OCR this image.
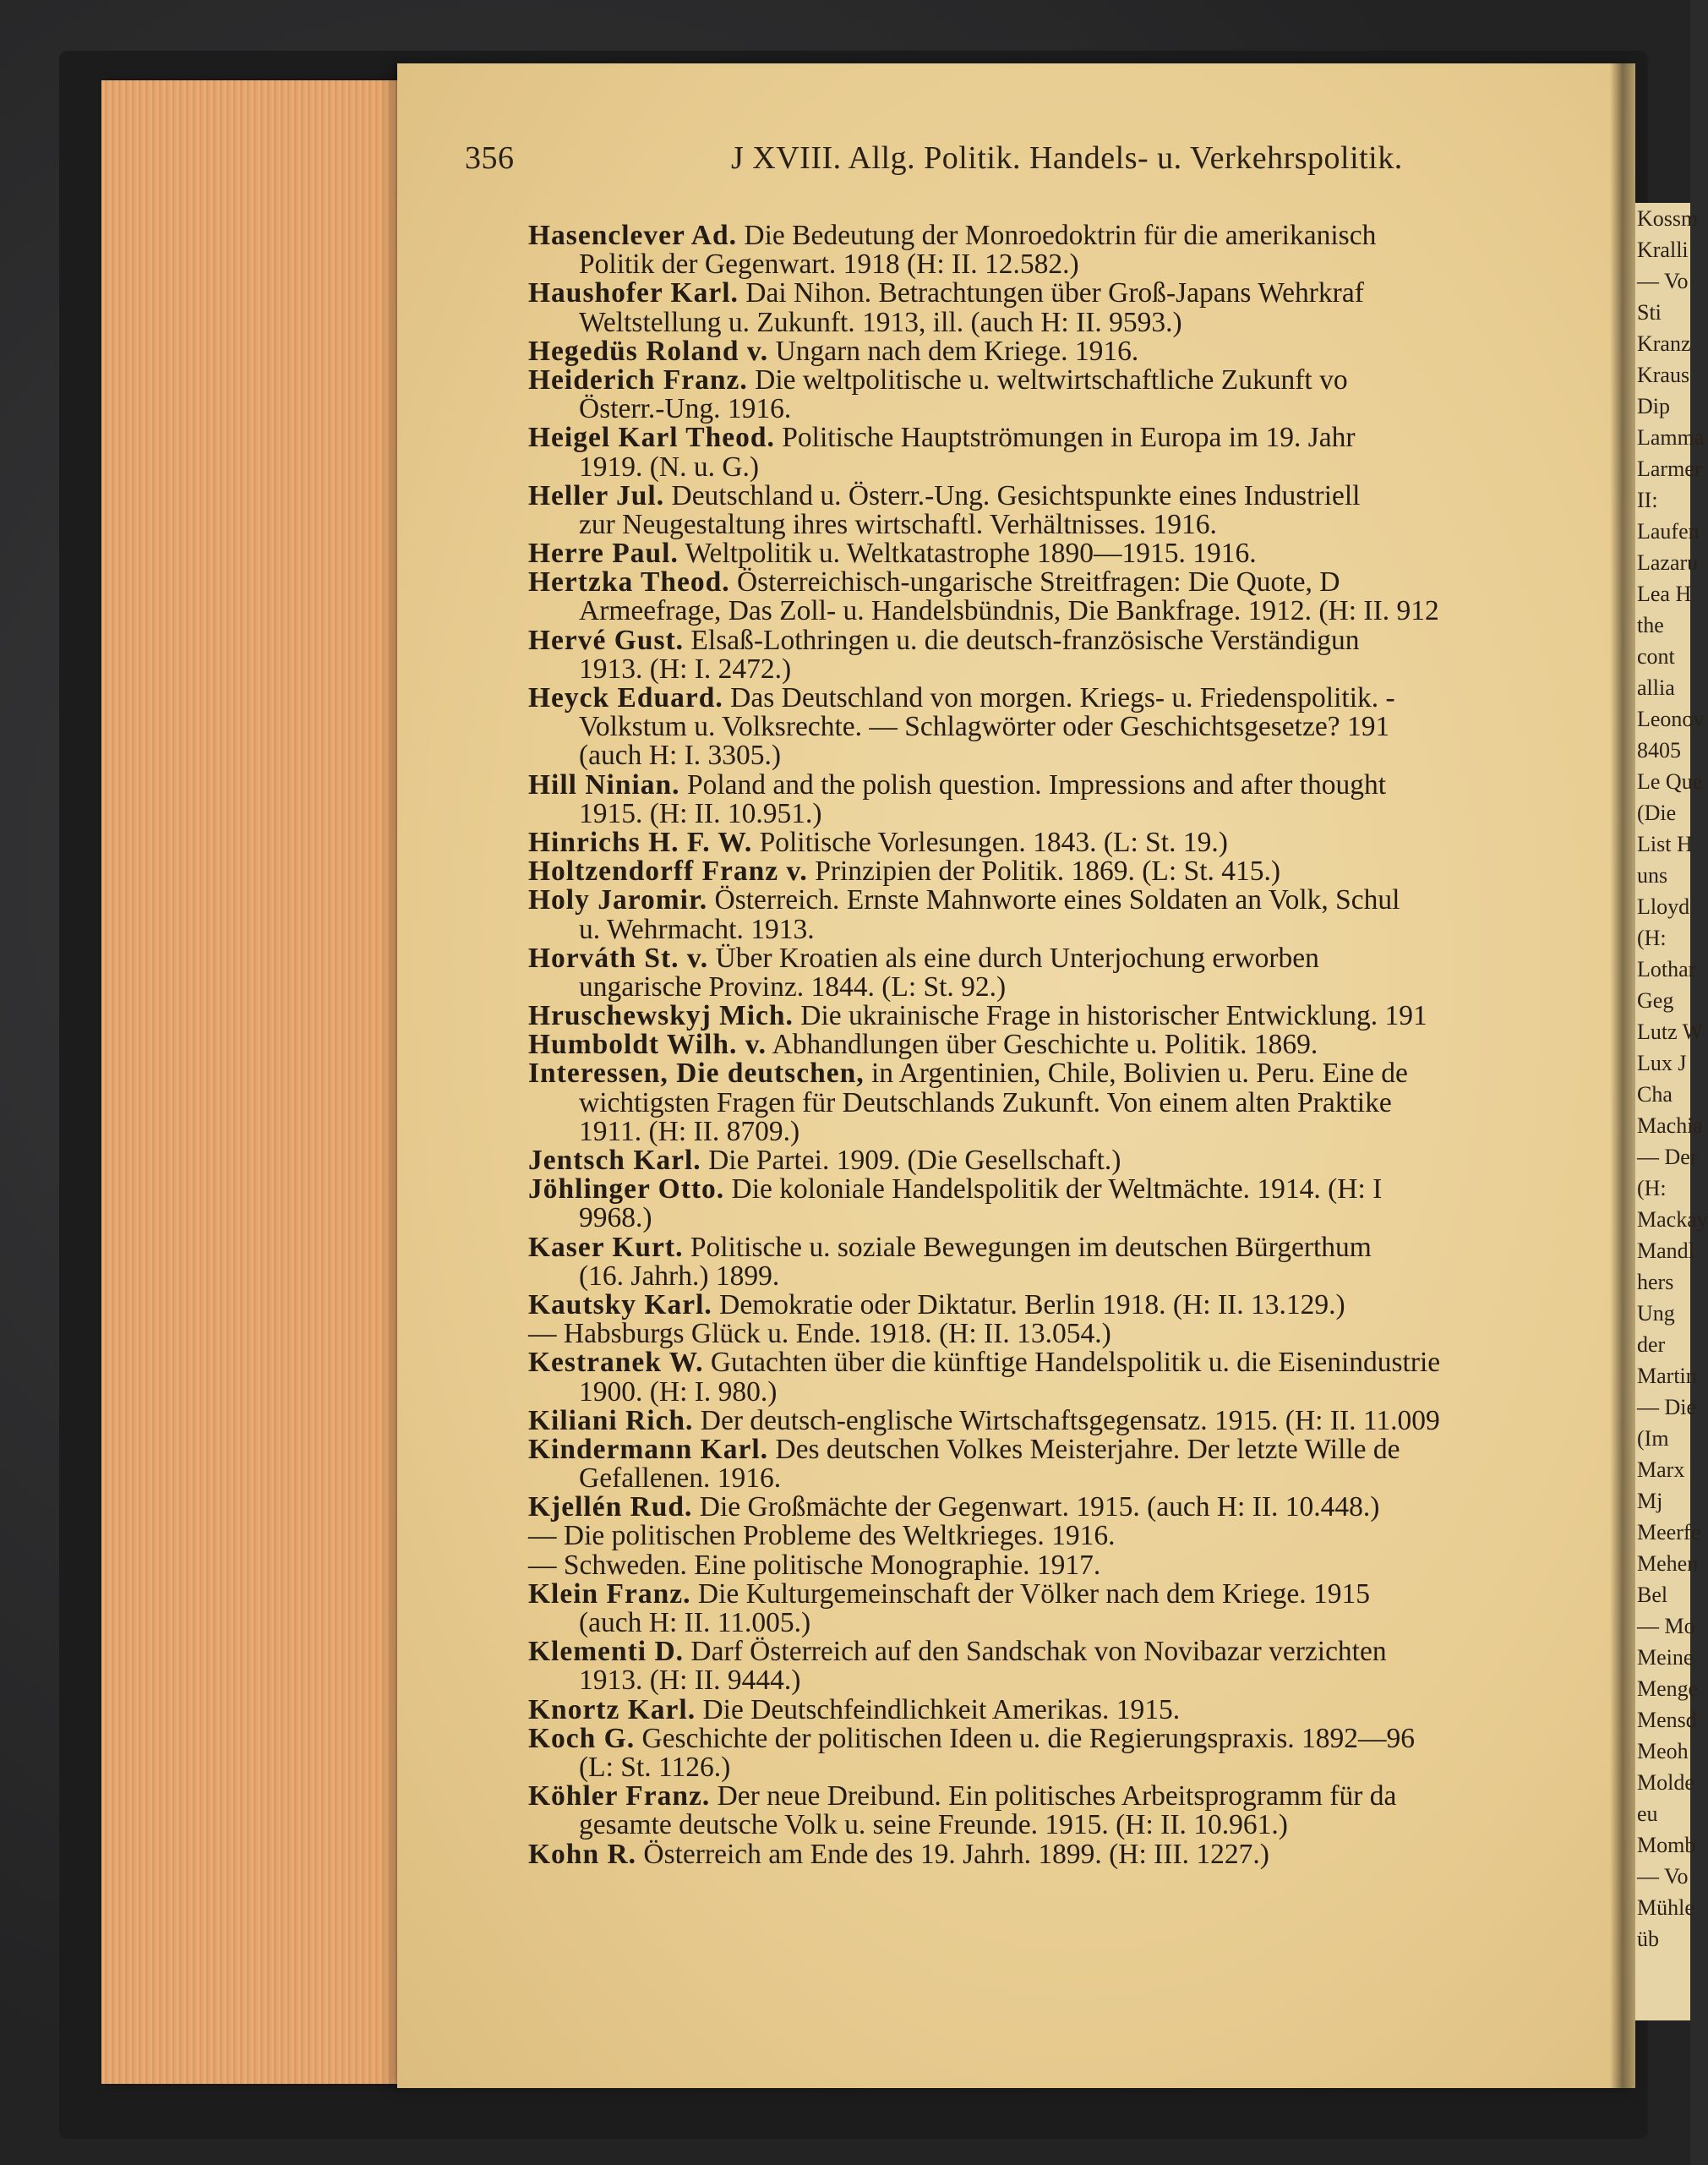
356	J XVIII. Allg. Politik. Handels- u. Verkehrspolitik.
Hasenclever Ad. Die Bedeutung der Monroedoktrin für die amerikanisch
Politik der Gegenwart. 1918 (H: II. 12.582.)
Haushofer Karl. Dai Nihon. Betrachtungen über Groß-Japans Wehrkraf
Weltstellung u. Zukunft. 1913, ill. (auch H: II. 9593.)
Hegedüs Roland v. Ungarn nach dem Kriege. 1916.
Heiderich Franz. Die weltpolitische u. weltwirtschaftliche Zukunft vo
Österr.-Ung. 1916.
Heigel Karl Theod. Politische Hauptströmungen in Europa im 19. Jahr
1919. (N. u. G.)
Heller Jul. Deutschland u. Österr.-Ung. Gesichtspunkte eines Industriell
zur Neugestaltung ihres wirtschaftl. Verhältnisses. 1916.
Herre Paul. Weltpolitik u. Weltkatastrophe 1890—1915. 1916.
Hertzka Theod. Österreichisch-ungarische Streitfragen: Die Quote, D
Armeefrage, Das Zoll- u. Handelsbündnis, Die Bankfrage. 1912. (H: II. 912
Hervé Gust. Elsaß-Lothringen u. die deutsch-französische Verständigun
1913. (H: I. 2472.)
Heyck Eduard. Das Deutschland von morgen. Kriegs- u. Friedenspolitik. -
Volkstum u. Volksrechte. — Schlagwörter oder Geschichtsgesetze? 191
(auch H: I. 3305.)
Hill Ninian. Poland and the polish question. Impressions and after thought
1915. (H: II. 10.951.)
Hinrichs H. F. W. Politische Vorlesungen. 1843. (L: St. 19.)
Holtzendorff Franz v. Prinzipien der Politik. 1869. (L: St. 415.)
Holy Jaromir. Österreich. Ernste Mahnworte eines Soldaten an Volk, Schul
u. Wehrmacht. 1913.
Horváth St. v. Über Kroatien als eine durch Unterjochung erworben
ungarische Provinz. 1844. (L: St. 92.)
Hruschewskyj Mich. Die ukrainische Frage in historischer Entwicklung. 191
Humboldt Wilh. v. Abhandlungen über Geschichte u. Politik. 1869.
Interessen, Die deutschen, in Argentinien, Chile, Bolivien u. Peru. Eine de
wichtigsten Fragen für Deutschlands Zukunft. Von einem alten Praktike
1911. (H: II. 8709.)
Jentsch Karl. Die Partei. 1909. (Die Gesellschaft.)
Jöhlinger Otto. Die koloniale Handelspolitik der Weltmächte. 1914. (H: I
9968.)
Kaser Kurt. Politische u. soziale Bewegungen im deutschen Bürgerthum
(16. Jahrh.) 1899.
Kautsky Karl. Demokratie oder Diktatur. Berlin 1918. (H: II. 13.129.)
— Habsburgs Glück u. Ende. 1918. (H: II. 13.054.)
Kestranek W. Gutachten über die künftige Handelspolitik u. die Eisenindustrie
1900. (H: I. 980.)
Kiliani Rich. Der deutsch-englische Wirtschaftsgegensatz. 1915. (H: II. 11.009
Kindermann Karl. Des deutschen Volkes Meisterjahre. Der letzte Wille de
Gefallenen. 1916.
Kjellén Rud. Die Großmächte der Gegenwart. 1915. (auch H: II. 10.448.)
— Die politischen Probleme des Weltkrieges. 1916.
— Schweden. Eine politische Monographie. 1917.
Klein Franz. Die Kulturgemeinschaft der Völker nach dem Kriege. 1915
(auch H: II. 11.005.)
Klementi D. Darf Österreich auf den Sandschak von Novibazar verzichten
1913. (H: II. 9444.)
Knortz Karl. Die Deutschfeindlichkeit Amerikas. 1915.
Koch G. Geschichte der politischen Ideen u. die Regierungspraxis. 1892—96
(L: St. 1126.)
Köhler Franz. Der neue Dreibund. Ein politisches Arbeitsprogramm für da
gesamte deutsche Volk u. seine Freunde. 1915. (H: II. 10.961.)
Kohn R. Österreich am Ende des 19. Jahrh. 1899. (H: III. 1227.)
Kossm
Kralli
— Vo
Sti
Kranz
Kraus
Dip
Lamma
Larmer
II:
Laufen
Lazaru
Lea H
the
cont
allia
Leonov
8405
Le Que
(Die
List H
uns
Lloyd
(H:
Lothar
Geg
Lutz W
Lux J
Cha
Machia
— Der
(H:
Mackay
Mandl
hers
Ung
der
Martin
— Die
(Im
Marx
Mj
Meerfe
Mehen
Bel
— Mo
Meine
Menge
Mensd
Meoh
Molde
eu
Momb
— Vo
Mühle
üb
